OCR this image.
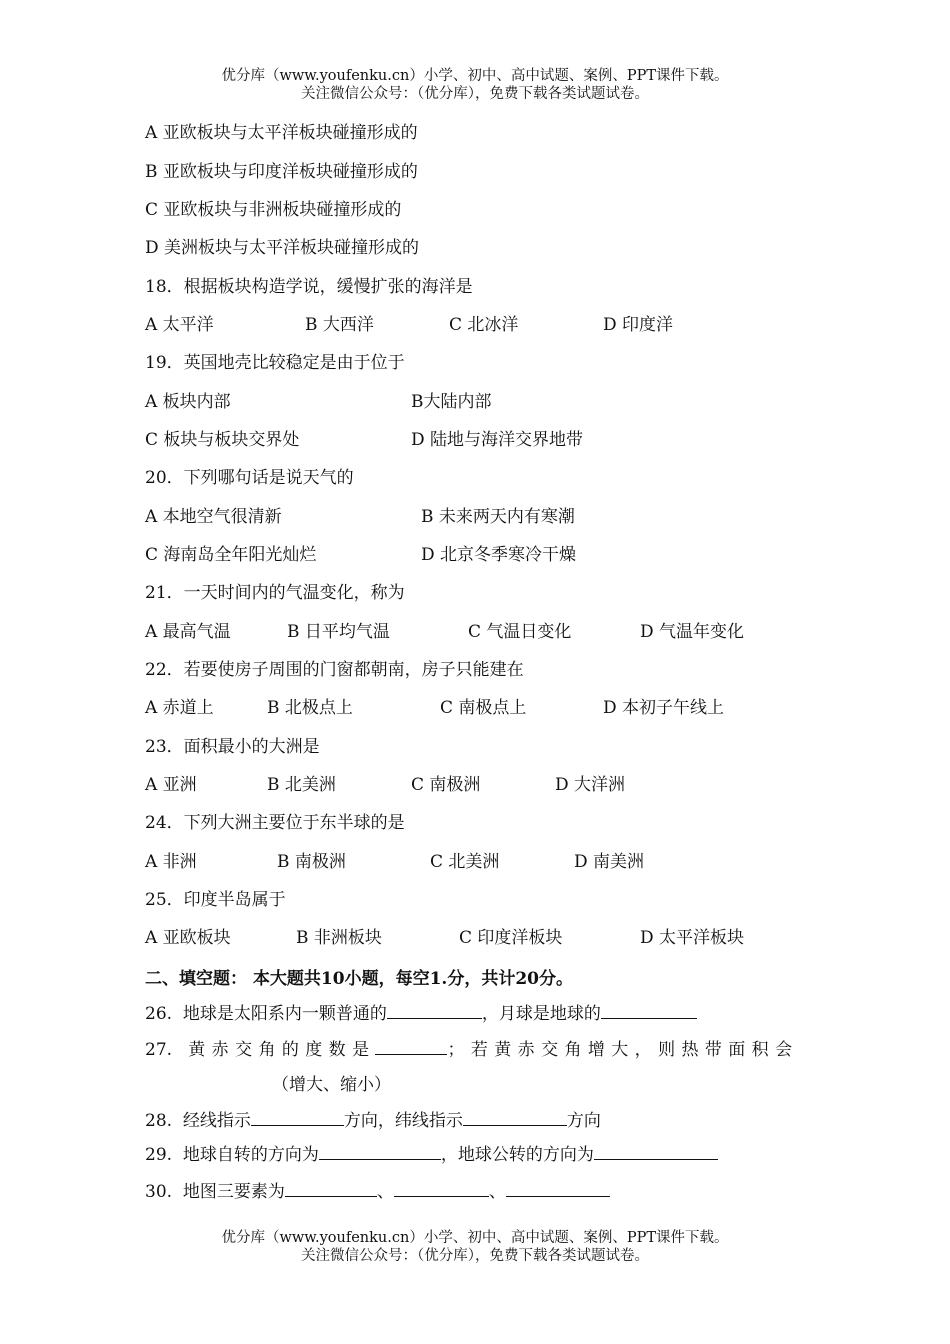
优分库（www.youfenku.cn）小学、初中、高中试题、案例、PPT课件下载。
关注微信公众号：（优分库），免费下载各类试题试卷。
A 亚欧板块与太平洋板块碰撞形成的
B 亚欧板块与印度洋板块碰撞形成的
C 亚欧板块与非洲板块碰撞形成的
D 美洲板块与太平洋板块碰撞形成的
18．根据板块构造学说，缓慢扩张的海洋是
A 太平洋	B 大西洋	C 北冰洋	D 印度洋
19．英国地壳比较稳定是由于位于
A 板块内部	B大陆内部
C 板块与板块交界处	D 陆地与海洋交界地带
20．下列哪句话是说天气的
A 本地空气很清新	B 未来两天内有寒潮
C 海南岛全年阳光灿烂	D 北京冬季寒冷干燥
21．一天时间内的气温变化，称为
A 最高气温	B 日平均气温	C 气温日变化	D 气温年变化
22．若要使房子周围的门窗都朝南，房子只能建在
A 赤道上	B 北极点上	C 南极点上	D 本初子午线上
23．面积最小的大洲是
A 亚洲	B 北美洲	C 南极洲	D 大洋洲
24．下列大洲主要位于东半球的是
A 非洲	B 南极洲	C 北美洲	D 南美洲
25．印度半岛属于
A 亚欧板块	B 非洲板块	C 印度洋板块	D 太平洋板块
二、填空题： 本大题共10小题，每空1.分，共计20分。
26. 地球是太阳系内一颗普通的	，月球是地球的
27. 黄赤交角的度数是	；若黄赤交角增大，则热带面积会
（增大、缩小）
28. 经线指示	方向，纬线指示	方向
29. 地球自转的方向为	，地球公转的方向为
30. 地图三要素为	、	、
优分库（www.youfenku.cn）小学、初中、高中试题、案例、PPT课件下载。
关注微信公众号：（优分库），免费下载各类试题试卷。
